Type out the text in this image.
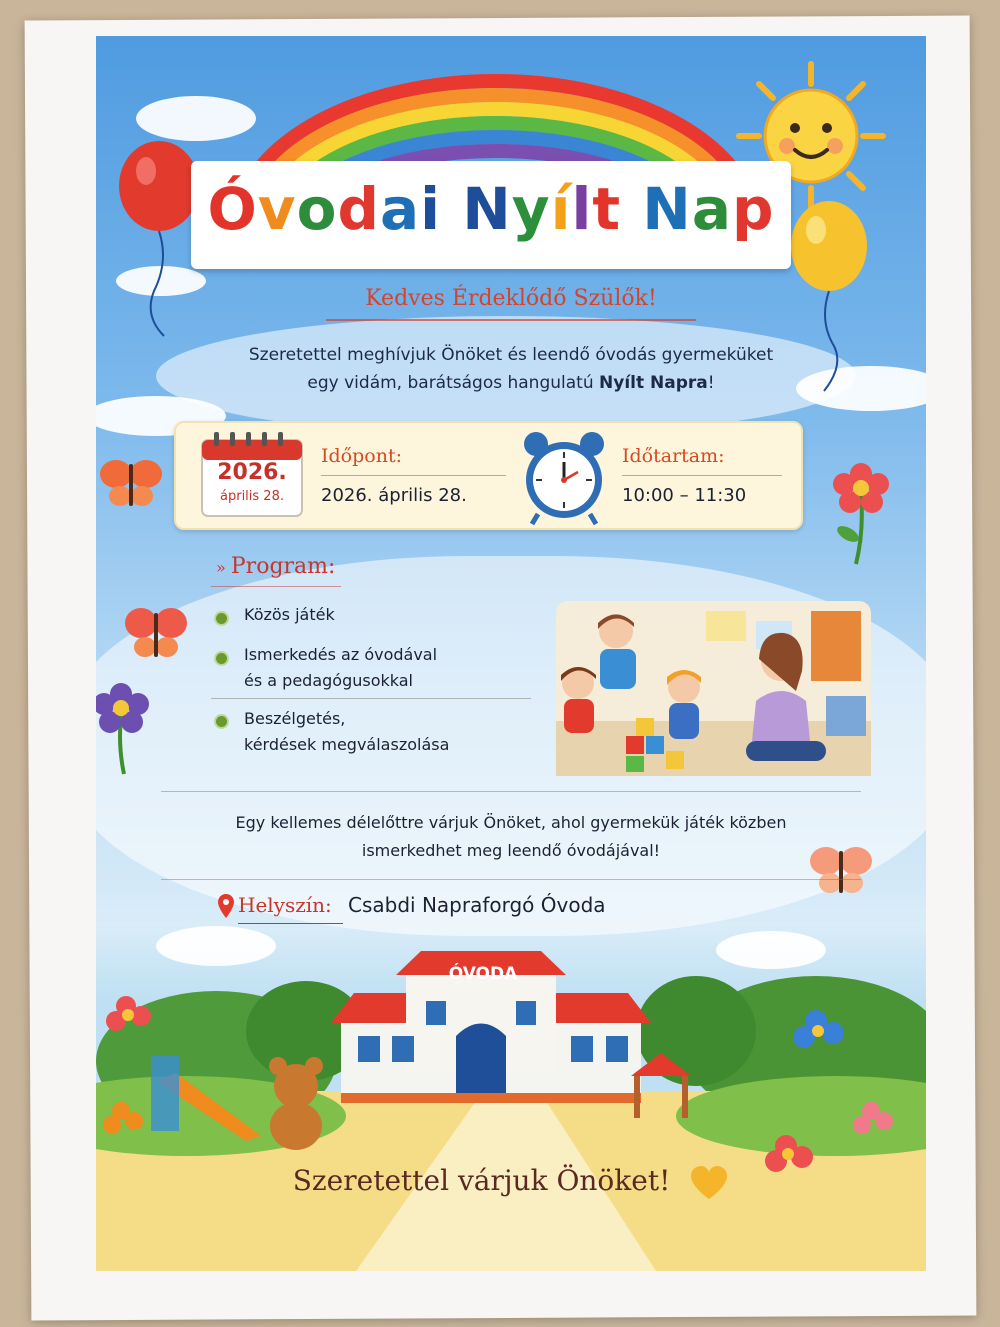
Óvodai Nyílt Nap
Kedves Érdeklődő Szülők!
Szeretettel meghívjuk Önöket és leendő óvodás gyermeküket
egy vidám, barátságos hangulatú Nyílt Napra!
2026.
április 28.
Időpont:
2026. április 28.
Időtartam:
10:00 – 11:30
» Program:
Közös játék
Ismerkedés az óvodával
és a pedagógusokkal
Beszélgetés,
kérdések megválaszolása
Egy kellemes délelőttre várjuk Önöket, ahol gyermekük játék közben
ismerkedhet meg leendő óvodájával!
Helyszín: Csabdi Napraforgó Óvoda
ÓVODA
Szeretettel várjuk Önöket!
